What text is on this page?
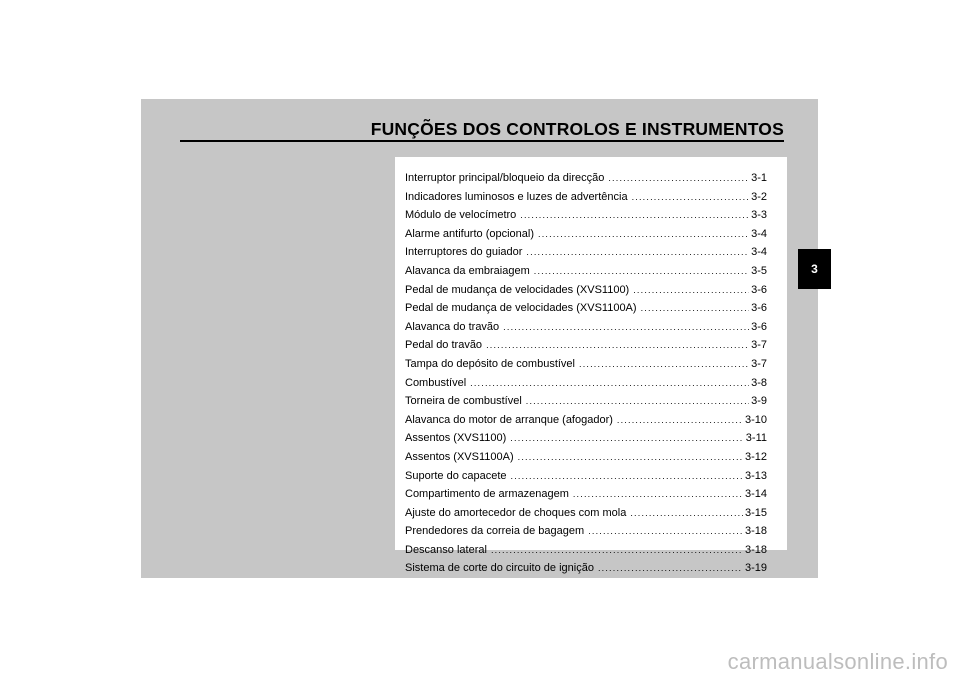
FUNÇÕES DOS CONTROLOS E INSTRUMENTOS
Interruptor principal/bloqueio da direcção .....	3-1
Indicadores luminosos e luzes de advertência .....	3-2
Módulo de velocímetro .....	3-3
Alarme antifurto (opcional) .....	3-4
Interruptores do guiador .....	3-4
Alavanca da embraiagem .....	3-5
Pedal de mudança de velocidades (XVS1100) .....	3-6
Pedal de mudança de velocidades (XVS1100A) .....	3-6
Alavanca do travão .....	3-6
Pedal do travão .....	3-7
Tampa do depósito de combustível .....	3-7
Combustível .....	3-8
Torneira de combustível .....	3-9
Alavanca do motor de arranque (afogador) .....	3-10
Assentos (XVS1100) .....	3-11
Assentos (XVS1100A) .....	3-12
Suporte do capacete .....	3-13
Compartimento de armazenagem .....	3-14
Ajuste do amortecedor de choques com mola .....	3-15
Prendedores da correia de bagagem .....	3-18
Descanso lateral .....	3-18
Sistema de corte do circuito de ignição .....	3-19
3
carmanualsonline.info
